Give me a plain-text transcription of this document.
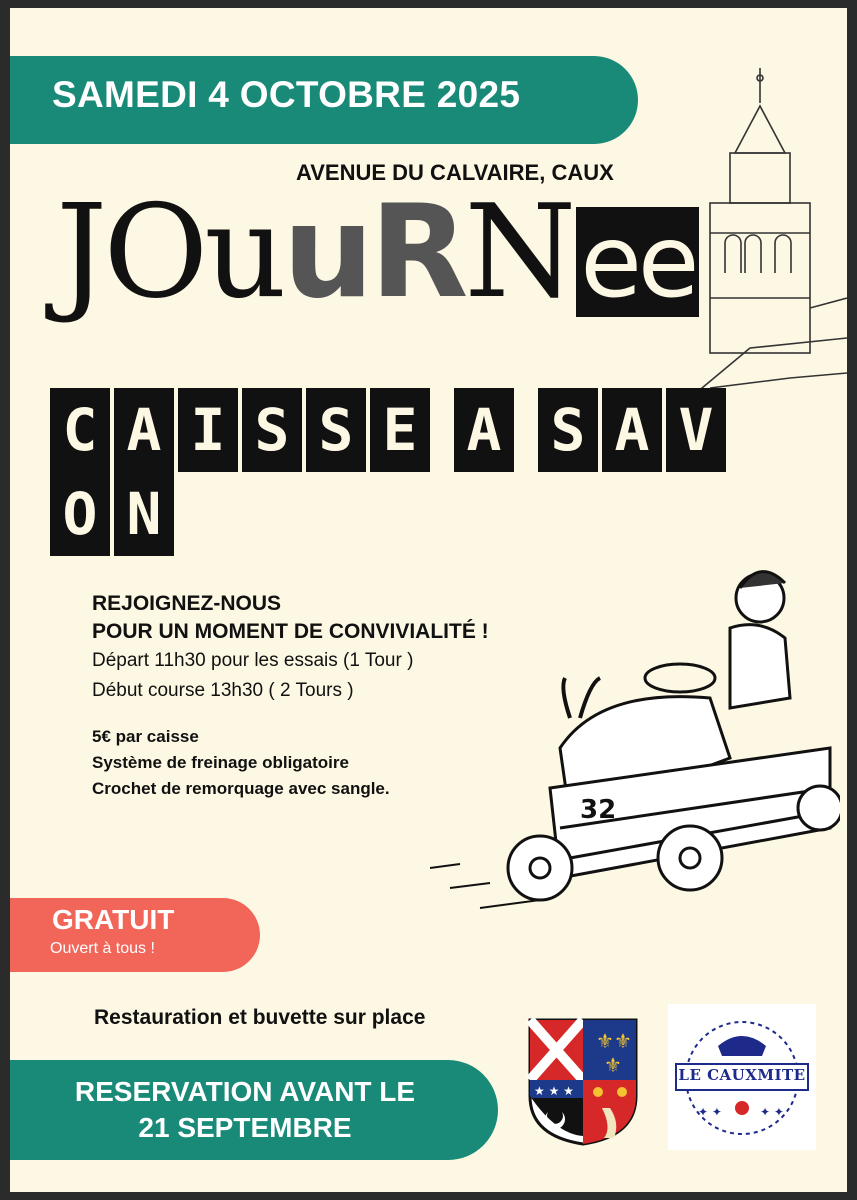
SAMEDI 4 OCTOBRE 2025
AVENUE DU CALVAIRE, CAUX
JOuuRNee
C A I S S E A S A VO N
REJOIGNEZ-NOUS
POUR UN MOMENT DE CONVIVIALITÉ !
Départ 11h30 pour les essais (1 Tour )
Début course 13h30 ( 2 Tours )
5€ par caisse
Système de freinage obligatoire
Crochet de remorquage avec sangle.
32
GRATUIT
Ouvert à tous !
Restauration et buvette sur place
RESERVATION AVANT LE
21 SEPTEMBRE
⚜ ⚜
⚜
★ ★ ★
✦ ✦	✦ ✦
LE CAUXMITE
